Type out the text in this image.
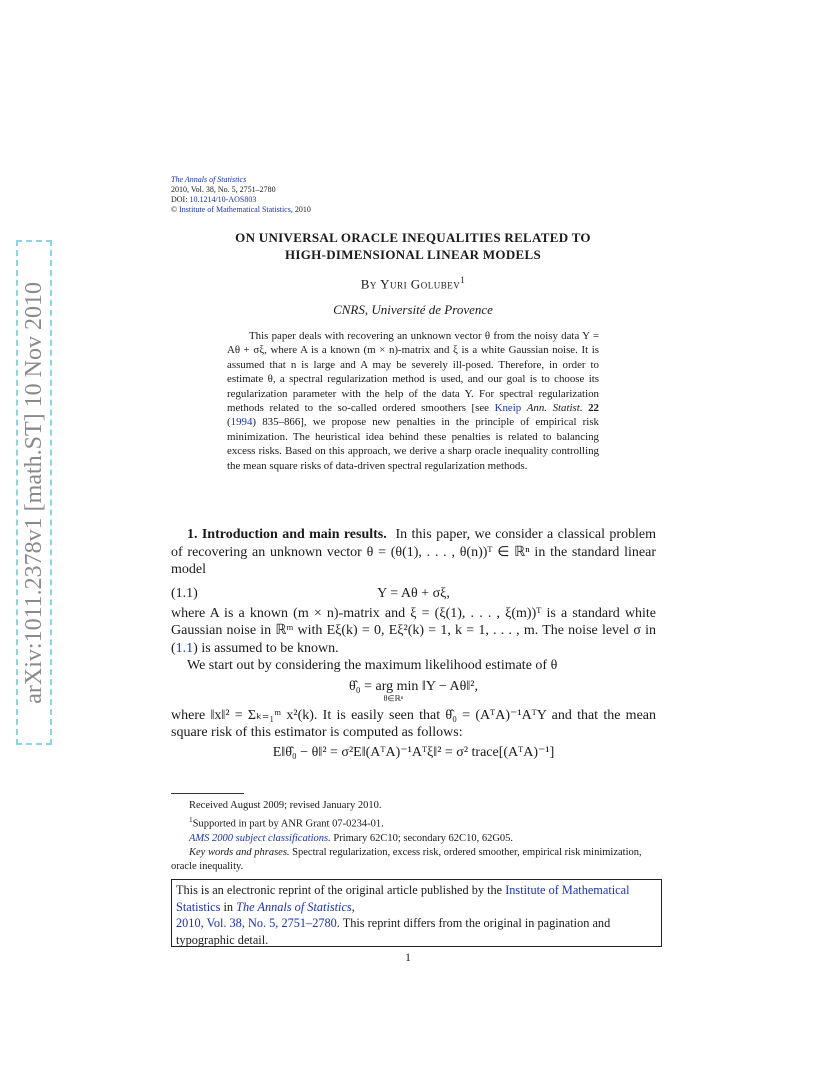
arXiv:1011.2378v1 [math.ST] 10 Nov 2010
The Annals of Statistics
2010, Vol. 38, No. 5, 2751–2780
DOI: 10.1214/10-AOS803
© Institute of Mathematical Statistics, 2010
ON UNIVERSAL ORACLE INEQUALITIES RELATED TO
HIGH-DIMENSIONAL LINEAR MODELS
By Yuri Golubev$^1$
CNRS, Université de Provence
This paper deals with recovering an unknown vector θ from the noisy data Y = Aθ + σξ, where A is a known (m × n)-matrix and ξ is a white Gaussian noise. It is assumed that n is large and A may be severely ill-posed. Therefore, in order to estimate θ, a spectral regularization method is used, and our goal is to choose its regularization parameter with the help of the data Y. For spectral regularization methods related to the so-called ordered smoothers [see Kneip Ann. Statist. 22 (1994) 835–866], we propose new penalties in the principle of empirical risk minimization. The heuristical idea behind these penalties is related to balancing excess risks. Based on this approach, we derive a sharp oracle inequality controlling the mean square risks of data-driven spectral regularization methods.
1. Introduction and main results. In this paper, we consider a classical problem of recovering an unknown vector θ = (θ(1), . . . , θ(n))ᵀ ∈ ℝⁿ in the standard linear model
(1.1)	Y = Aθ + σξ,
where A is a known (m × n)-matrix and ξ = (ξ(1), . . . , ξ(m))ᵀ is a standard white Gaussian noise in ℝᵐ with Eξ(k) = 0, Eξ²(k) = 1, k = 1, . . . , m. The noise level σ in (1.1) is assumed to be known.
We start out by considering the maximum likelihood estimate of θ
θ̂₀ = arg min ‖Y − Aθ‖²,
θ∈ℝⁿ
where ‖x‖² = Σₖ₌₁ᵐ x²(k). It is easily seen that θ̂₀ = (AᵀA)⁻¹AᵀY and that the mean square risk of this estimator is computed as follows:
E‖θ̂₀ − θ‖² = σ²E‖(AᵀA)⁻¹Aᵀξ‖² = σ² trace[(AᵀA)⁻¹]
Received August 2009; revised January 2010.
$^1$Supported in part by ANR Grant 07-0234-01.
AMS 2000 subject classifications. Primary 62C10; secondary 62C10, 62G05.
Key words and phrases. Spectral regularization, excess risk, ordered smoother, empirical risk minimization, oracle inequality.
This is an electronic reprint of the original article published by the Institute of Mathematical Statistics in The Annals of Statistics,
2010, Vol. 38, No. 5, 2751–2780. This reprint differs from the original in pagination and typographic detail.
1
